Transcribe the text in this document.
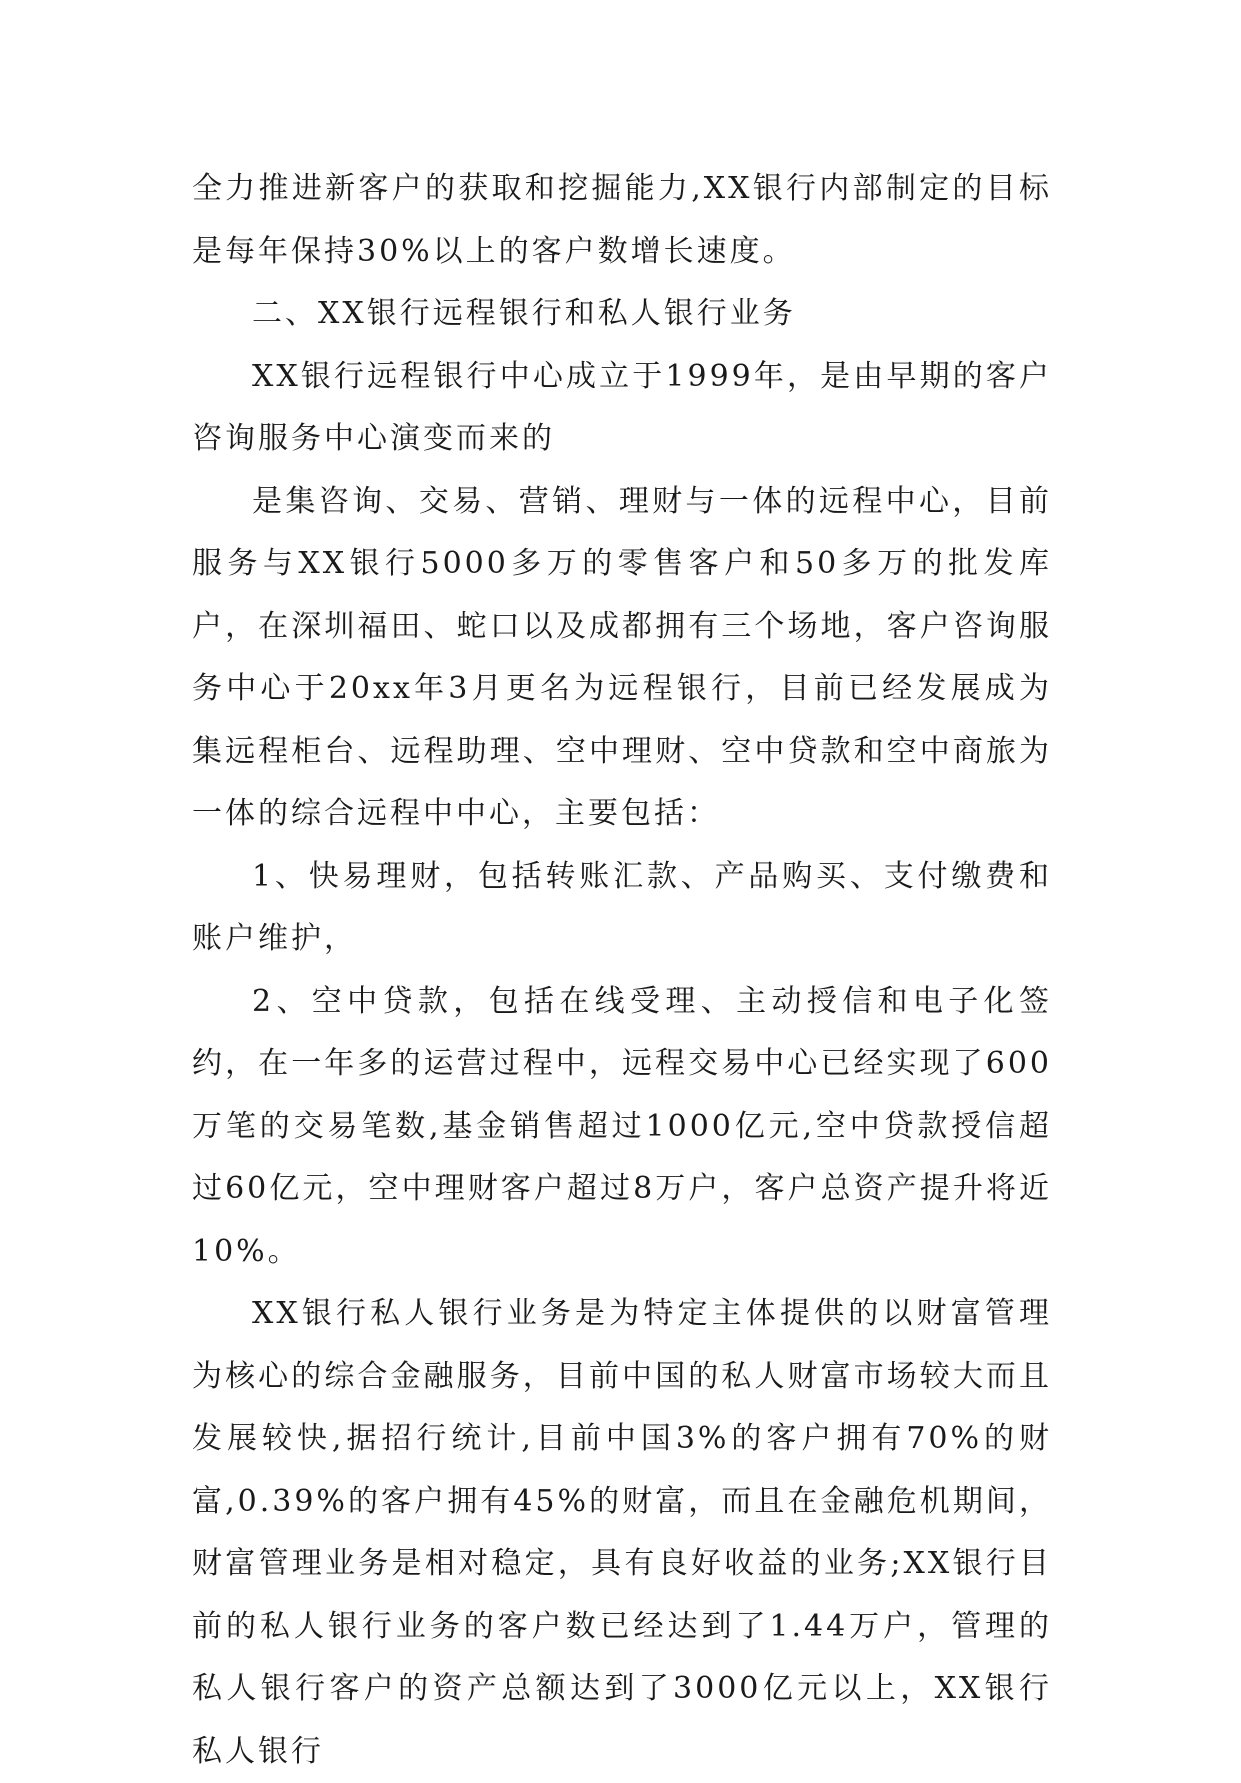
全力推进新客户的获取和挖掘能力,XX银行内部制定的目标是每年保持30%以上的客户数增长速度。

二、XX银行远程银行和私人银行业务

XX银行远程银行中心成立于1999年，是由早期的客户咨询服务中心演变而来的

是集咨询、交易、营销、理财与一体的远程中心，目前服务与XX银行5000多万的零售客户和50多万的批发库户，在深圳福田、蛇口以及成都拥有三个场地，客户咨询服务中心于20xx年3月更名为远程银行，目前已经发展成为集远程柜台、远程助理、空中理财、空中贷款和空中商旅为一体的综合远程中中心，主要包括：

1、快易理财，包括转账汇款、产品购买、支付缴费和账户维护，

2、空中贷款，包括在线受理、主动授信和电子化签约，在一年多的运营过程中，远程交易中心已经实现了600万笔的交易笔数,基金销售超过1000亿元,空中贷款授信超过60亿元，空中理财客户超过8万户，客户总资产提升将近10%。

XX银行私人银行业务是为特定主体提供的以财富管理为核心的综合金融服务，目前中国的私人财富市场较大而且发展较快,据招行统计,目前中国3%的客户拥有70%的财富,0.39%的客户拥有45%的财富，而且在金融危机期间，财富管理业务是相对稳定，具有良好收益的业务;XX银行目前的私人银行业务的客户数已经达到了1.44万户，管理的私人银行客户的资产总额达到了3000亿元以上，XX银行私人银行
